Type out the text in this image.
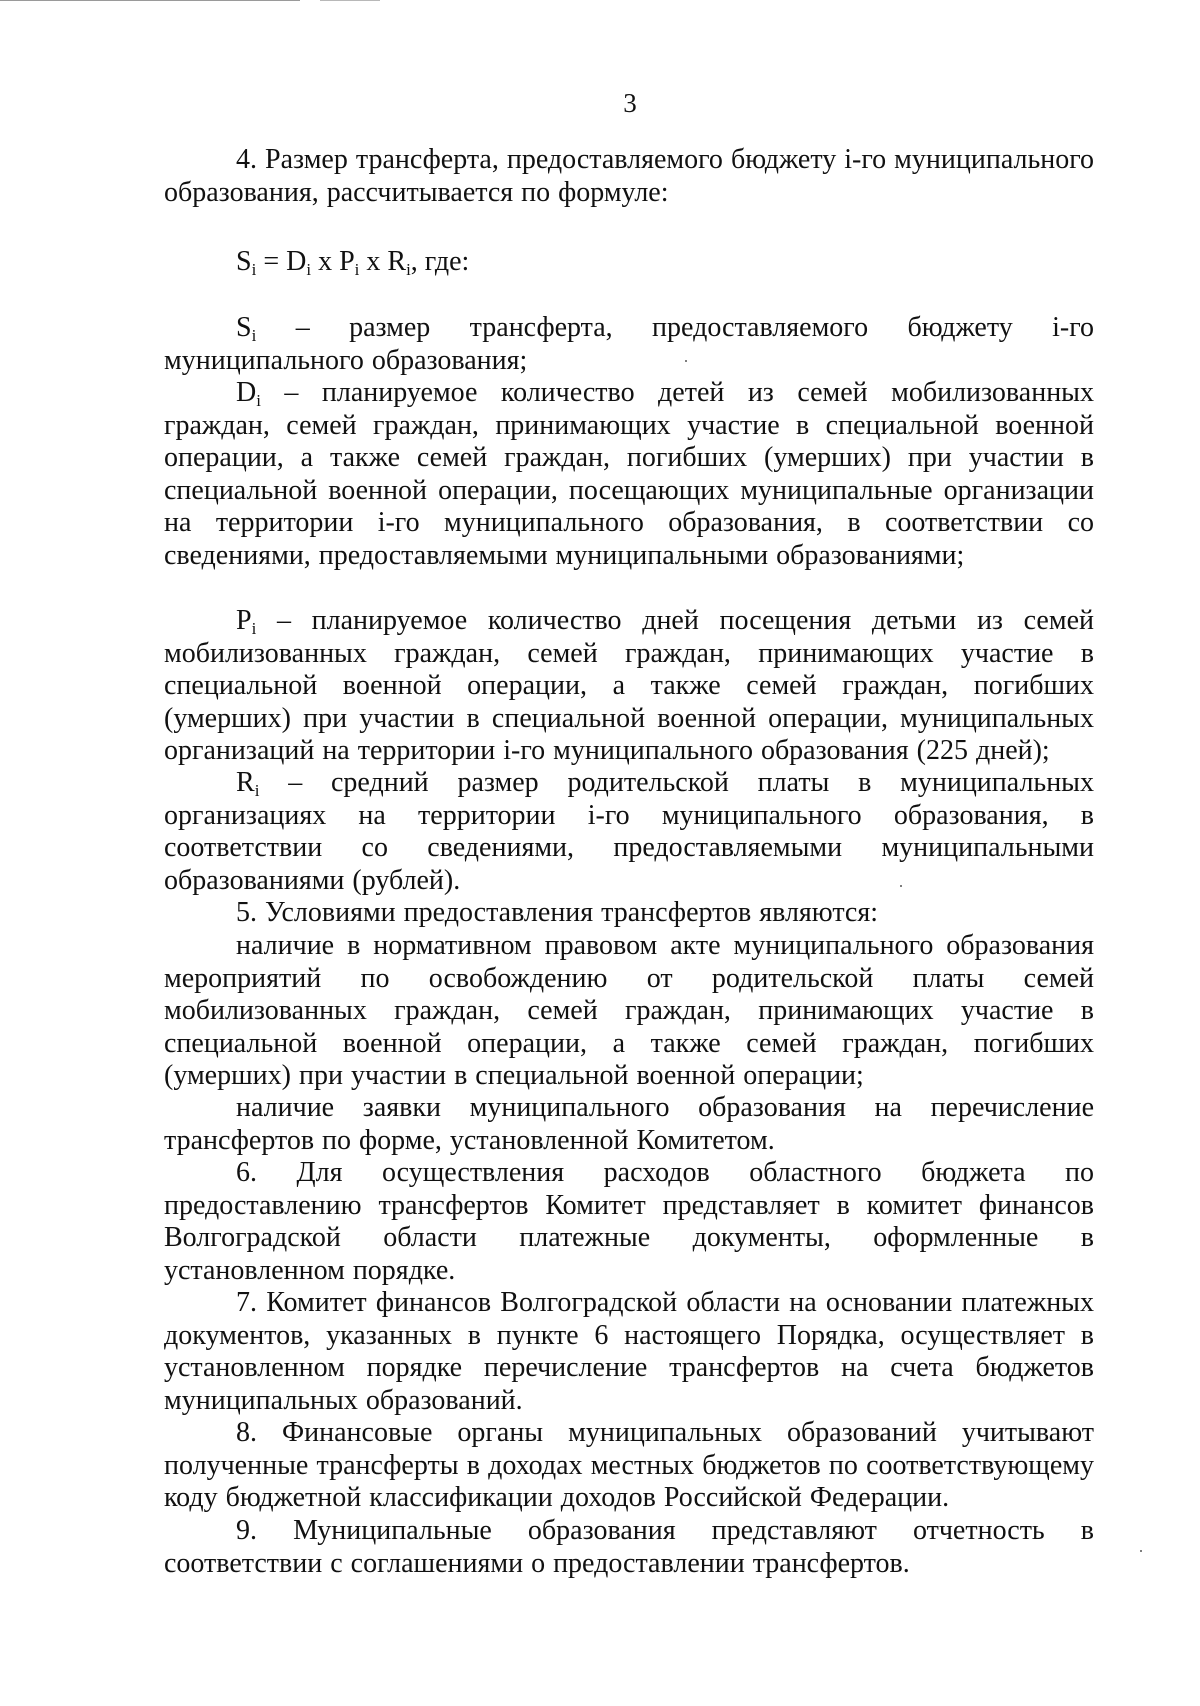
3

4. Размер трансферта, предоставляемого бюджету i-го муниципального образования, рассчитывается по формуле:

$S_i = D_i$ x $P_i$ x $R_i$, где:

$S_i$ – размер трансферта, предоставляемого бюджету i-го муниципального образования;

$D_i$ – планируемое количество детей из семей мобилизованных граждан, семей граждан, принимающих участие в специальной военной операции, а также семей граждан, погибших (умерших) при участии в специальной военной операции, посещающих муниципальные организации на территории i-го муниципального образования, в соответствии со сведениями, предоставляемыми муниципальными образованиями;

$P_i$ – планируемое количество дней посещения детьми из семей мобилизованных граждан, семей граждан, принимающих участие в специальной военной операции, а также семей граждан, погибших (умерших) при участии в специальной военной операции, муниципальных организаций на территории i-го муниципального образования (225 дней);

$R_i$ – средний размер родительской платы в муниципальных организациях на территории i-го муниципального образования, в соответствии со сведениями, предоставляемыми муниципальными образованиями (рублей).

5. Условиями предоставления трансфертов являются:

наличие в нормативном правовом акте муниципального образования мероприятий по освобождению от родительской платы семей мобилизованных граждан, семей граждан, принимающих участие в специальной военной операции, а также семей граждан, погибших (умерших) при участии в специальной военной операции;

наличие заявки муниципального образования на перечисление трансфертов по форме, установленной Комитетом.

6. Для осуществления расходов областного бюджета по предоставлению трансфертов Комитет представляет в комитет финансов Волгоградской области платежные документы, оформленные в установленном порядке.

7. Комитет финансов Волгоградской области на основании платежных документов, указанных в пункте 6 настоящего Порядка, осуществляет в установленном порядке перечисление трансфертов на счета бюджетов муниципальных образований.

8. Финансовые органы муниципальных образований учитывают полученные трансферты в доходах местных бюджетов по соответствующему коду бюджетной классификации доходов Российской Федерации.

9. Муниципальные образования представляют отчетность в соответствии с соглашениями о предоставлении трансфертов.
